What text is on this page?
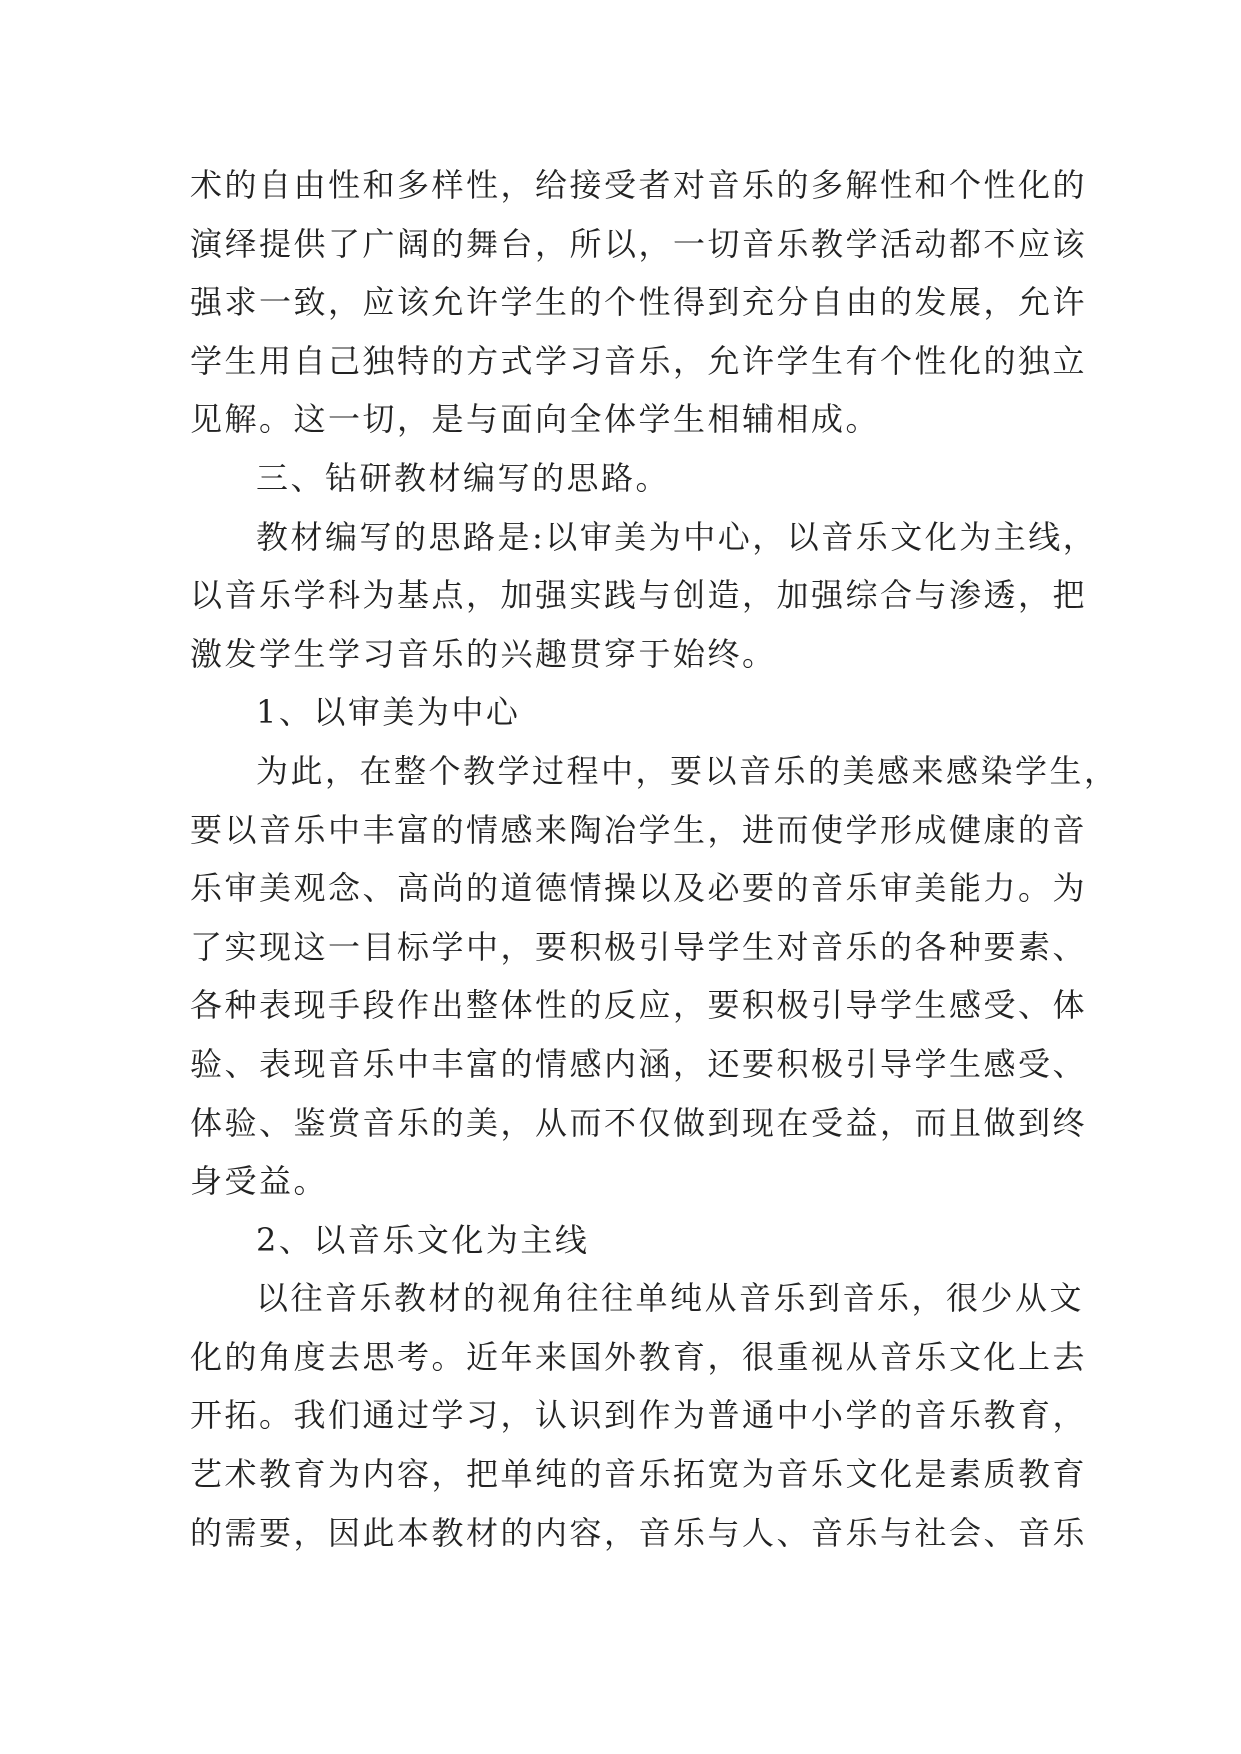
术的自由性和多样性，给接受者对音乐的多解性和个性化的
演绎提供了广阔的舞台，所以，一切音乐教学活动都不应该
强求一致，应该允许学生的个性得到充分自由的发展，允许
学生用自己独特的方式学习音乐，允许学生有个性化的独立
见解。这一切，是与面向全体学生相辅相成。

三、钻研教材编写的思路。

教材编写的思路是:以审美为中心，以音乐文化为主线，
以音乐学科为基点，加强实践与创造，加强综合与渗透，把
激发学生学习音乐的兴趣贯穿于始终。

1、以审美为中心

为此，在整个教学过程中，要以音乐的美感来感染学生，
要以音乐中丰富的情感来陶冶学生，进而使学形成健康的音
乐审美观念、高尚的道德情操以及必要的音乐审美能力。为
了实现这一目标学中，要积极引导学生对音乐的各种要素、
各种表现手段作出整体性的反应，要积极引导学生感受、体
验、表现音乐中丰富的情感内涵，还要积极引导学生感受、
体验、鉴赏音乐的美，从而不仅做到现在受益，而且做到终
身受益。

2、以音乐文化为主线

以往音乐教材的视角往往单纯从音乐到音乐，很少从文
化的角度去思考。近年来国外教育，很重视从音乐文化上去
开拓。我们通过学习，认识到作为普通中小学的音乐教育，
艺术教育为内容，把单纯的音乐拓宽为音乐文化是素质教育
的需要，因此本教材的内容，音乐与人、音乐与社会、音乐
